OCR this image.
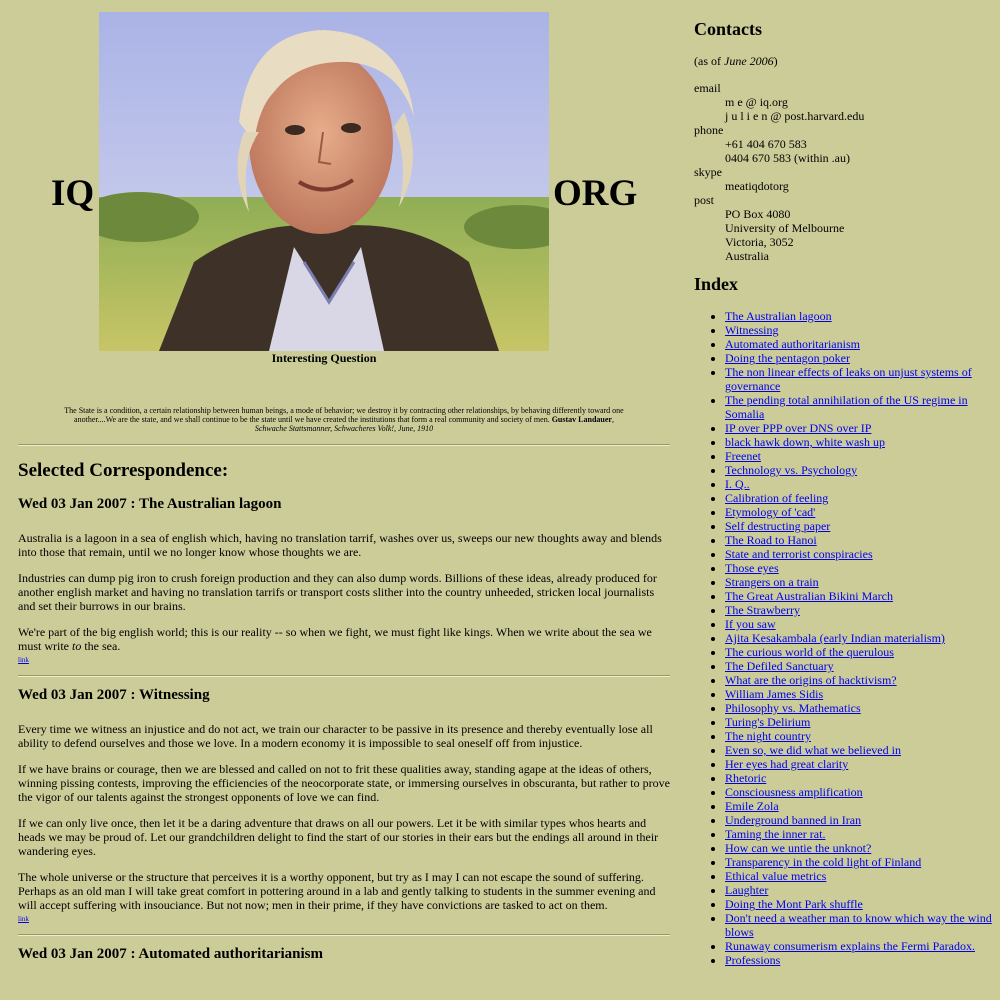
IQ	ORG
Interesting Question
The State is a condition, a certain relationship between human beings, a mode of behavior; we destroy it by contracting other relationships, by behaving differently toward one another....We are the state, and we shall continue to be the state until we have created the institutions that form a real community and society of men. Gustav Landauer, Schwache Stattsmanner, Schwacheres Volk!, June, 1910
Selected Correspondence:
Wed 03 Jan 2007 : The Australian lagoon

Australia is a lagoon in a sea of english which, having no translation tarrif, washes over us, sweeps our new thoughts away and blends into those that remain, until we no longer know whose thoughts we are.

Industries can dump pig iron to crush foreign production and they can also dump words. Billions of these ideas, already produced for another english market and having no translation tarrifs or transport costs slither into the country unheeded, stricken local journalists and set their burrows in our brains.

We're part of the big english world; this is our reality -- so when we fight, we must fight like kings. When we write about the sea we must write to the sea.

link

Wed 03 Jan 2007 : Witnessing

Every time we witness an injustice and do not act, we train our character to be passive in its presence and thereby eventually lose all ability to defend ourselves and those we love. In a modern economy it is impossible to seal oneself off from injustice.

If we have brains or courage, then we are blessed and called on not to frit these qualities away, standing agape at the ideas of others, winning pissing contests, improving the efficiencies of the neocorporate state, or immersing ourselves in obscuranta, but rather to prove the vigor of our talents against the strongest opponents of love we can find.

If we can only live once, then let it be a daring adventure that draws on all our powers. Let it be with similar types whos hearts and heads we may be proud of. Let our grandchildren delight to find the start of our stories in their ears but the endings all around in their wandering eyes.

The whole universe or the structure that perceives it is a worthy opponent, but try as I may I can not escape the sound of suffering. Perhaps as an old man I will take great comfort in pottering around in a lab and gently talking to students in the summer evening and will accept suffering with insouciance. But not now; men in their prime, if they have convictions are tasked to act on them.

link

Wed 03 Jan 2007 : Automated authoritarianism
Contacts

(as of June 2006)

email
m e @ iq.org
j u l i e n @ post.harvard.edu
phone
+61 404 670 583
0404 670 583 (within .au)
skype
meatiqdotorg
post
PO Box 4080
University of Melbourne
Victoria, 3052
Australia
Index
• The Australian lagoon
• Witnessing
• Automated authoritarianism
• Doing the pentagon poker
• The non linear effects of leaks on unjust systems of governance
• The pending total annihilation of the US regime in Somalia
• IP over PPP over DNS over IP
• black hawk down, white wash up
• Freenet
• Technology vs. Psychology
• I. Q..
• Calibration of feeling
• Etymology of 'cad'
• Self destructing paper
• The Road to Hanoi
• State and terrorist conspiracies
• Those eyes
• Strangers on a train
• The Great Australian Bikini March
• The Strawberry
• If you saw
• Ajita Kesakambala (early Indian materialism)
• The curious world of the querulous
• The Defiled Sanctuary
• What are the origins of hacktivism?
• William James Sidis
• Philosophy vs. Mathematics
• Turing's Delirium
• The night country
• Even so, we did what we believed in
• Her eyes had great clarity
• Rhetoric
• Consciousness amplification
• Emile Zola
• Underground banned in Iran
• Taming the inner rat.
• How can we untie the unknot?
• Transparency in the cold light of Finland
• Ethical value metrics
• Laughter
• Doing the Mont Park shuffle
• Don't need a weather man to know which way the wind blows
• Runaway consumerism explains the Fermi Paradox.
• Professions
